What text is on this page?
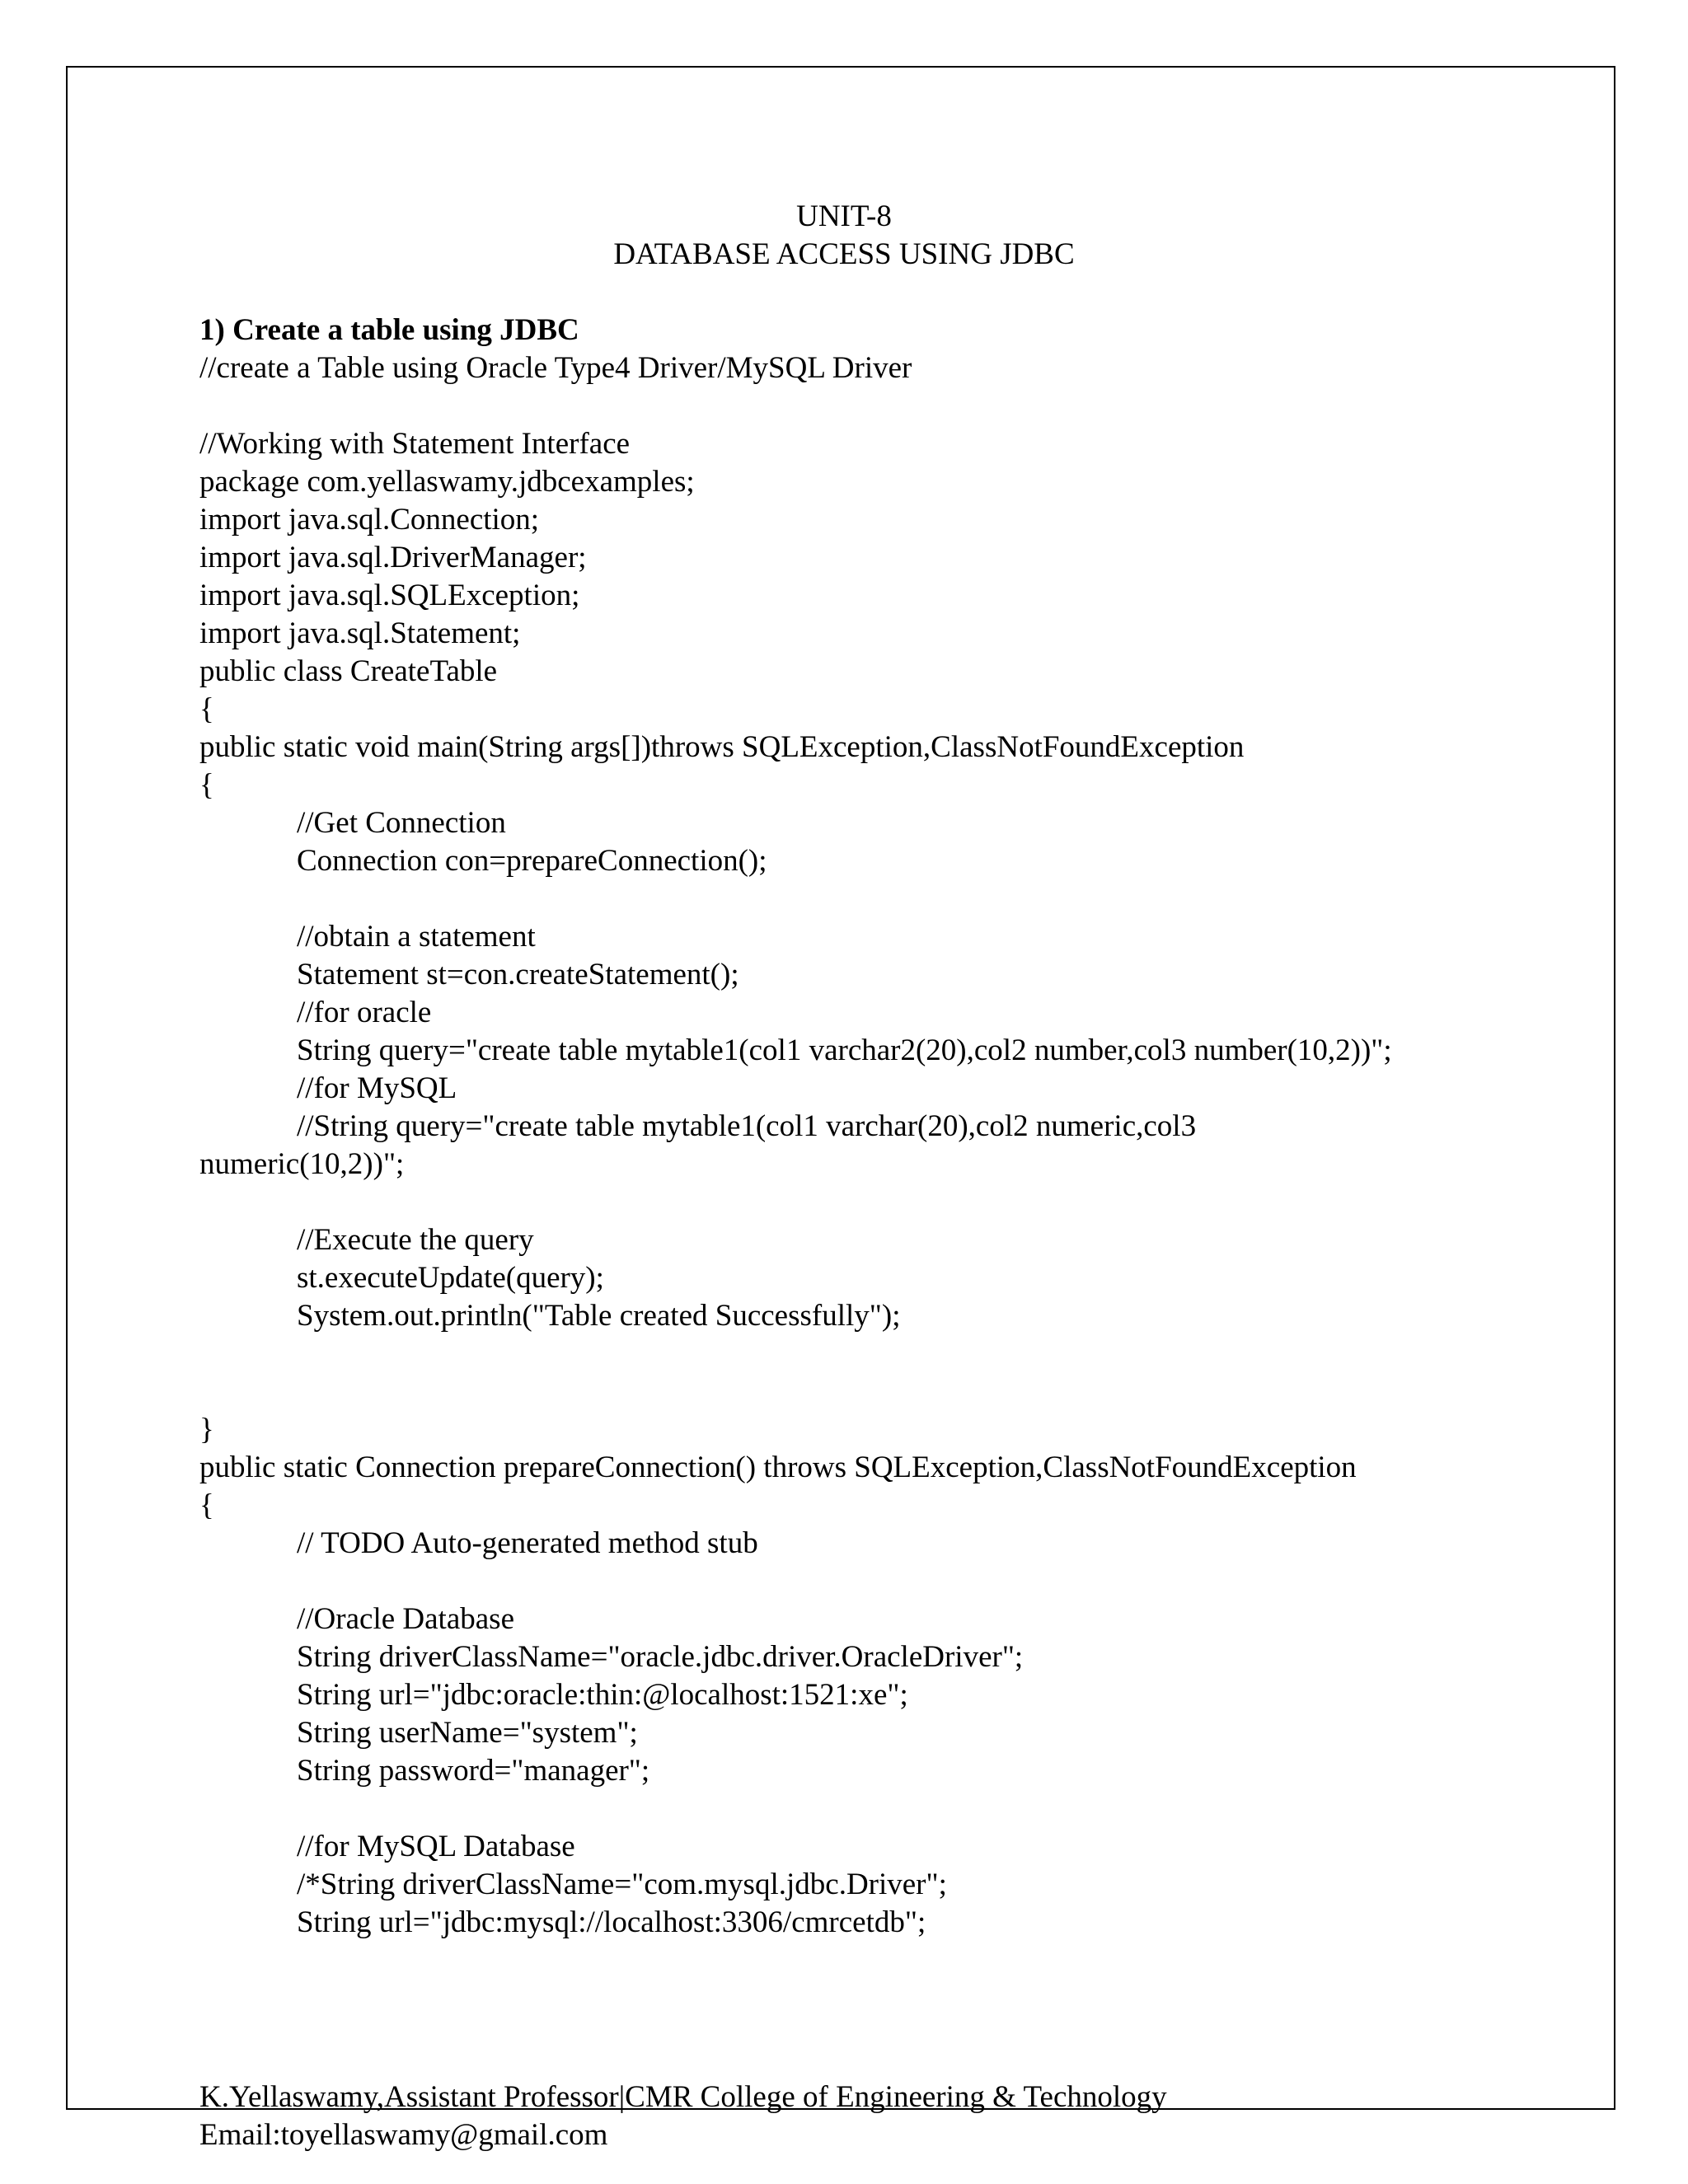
UNIT-8
DATABASE ACCESS USING JDBC
1) Create a table using JDBC
//create a Table using Oracle Type4 Driver/MySQL Driver
//Working with Statement Interface
package com.yellaswamy.jdbcexamples;
import java.sql.Connection;
import java.sql.DriverManager;
import java.sql.SQLException;
import java.sql.Statement;
public class CreateTable
{
public static void main(String args[])throws SQLException,ClassNotFoundException
{
//Get Connection
Connection con=prepareConnection();
//obtain a statement
Statement st=con.createStatement();
//for oracle
String query="create table mytable1(col1 varchar2(20),col2 number,col3 number(10,2))";
//for MySQL
//String query="create table mytable1(col1 varchar(20),col2 numeric,col3
numeric(10,2))";
//Execute the query
st.executeUpdate(query);
System.out.println("Table created Successfully");
}
public static Connection prepareConnection() throws SQLException,ClassNotFoundException
{
// TODO Auto-generated method stub
//Oracle Database
String driverClassName="oracle.jdbc.driver.OracleDriver";
String url="jdbc:oracle:thin:@localhost:1521:xe";
String userName="system";
String password="manager";
//for MySQL Database
/*String driverClassName="com.mysql.jdbc.Driver";
String url="jdbc:mysql://localhost:3306/cmrcetdb";
K.Yellaswamy,Assistant Professor|CMR College of Engineering & Technology
Email:toyellaswamy@gmail.com
